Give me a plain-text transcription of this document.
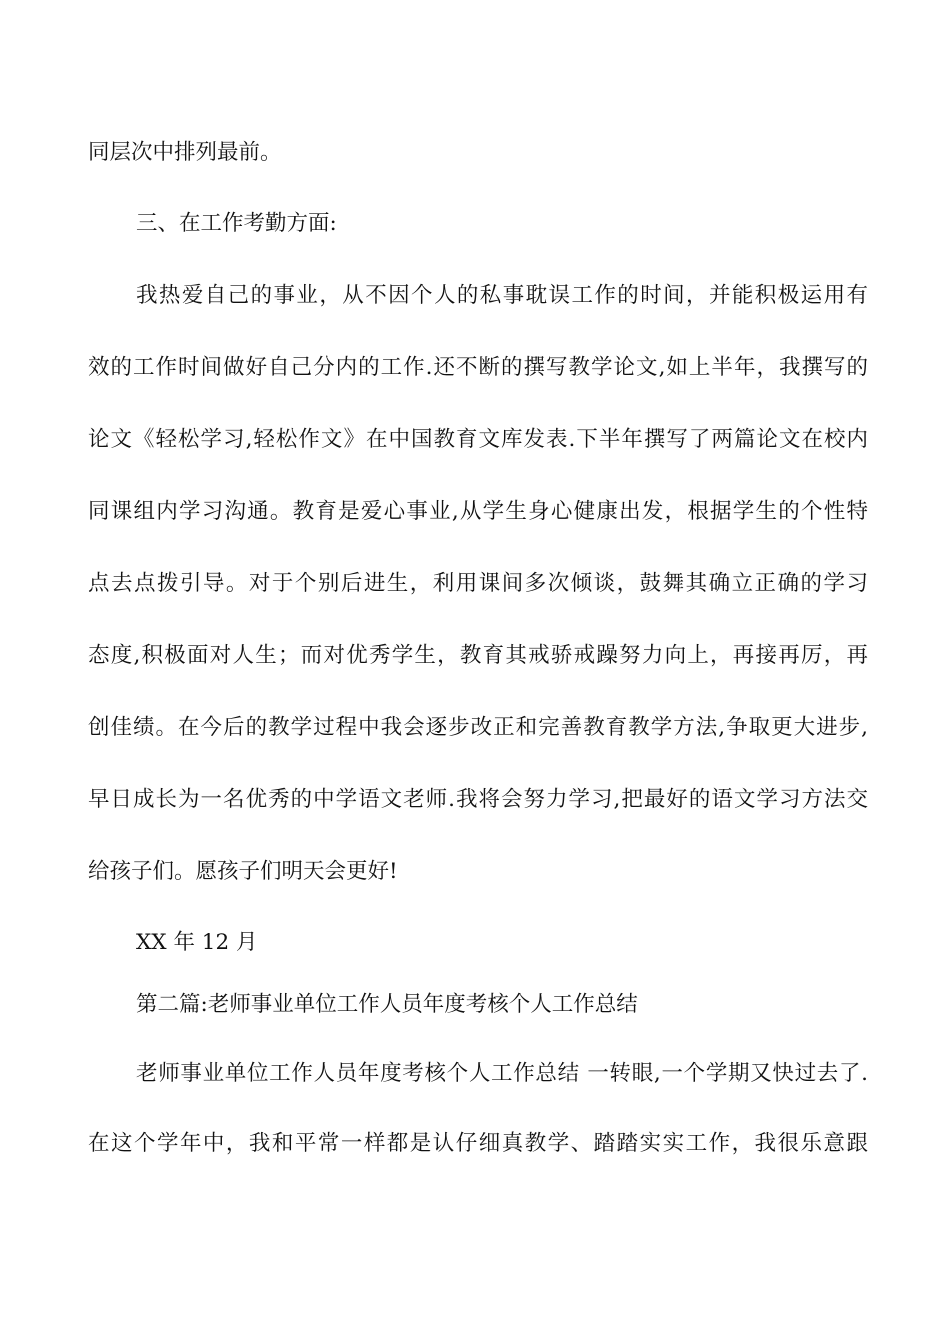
同层次中排列最前。
三、在工作考勤方面:
我热爱自己的事业，从不因个人的私事耽误工作的时间，并能积极运用有
效的工作时间做好自己分内的工作.还不断的撰写教学论文,如上半年，我撰写的
论文《轻松学习,轻松作文》在中国教育文库发表.下半年撰写了两篇论文在校内
同课组内学习沟通。教育是爱心事业,从学生身心健康出发，根据学生的个性特
点去点拨引导。对于个别后进生，利用课间多次倾谈，鼓舞其确立正确的学习
态度,积极面对人生；而对优秀学生，教育其戒骄戒躁努力向上，再接再厉，再
创佳绩。在今后的教学过程中我会逐步改正和完善教育教学方法,争取更大进步,
早日成长为一名优秀的中学语文老师.我将会努力学习,把最好的语文学习方法交
给孩子们。愿孩子们明天会更好!
XX 年 12 月
第二篇:老师事业单位工作人员年度考核个人工作总结
老师事业单位工作人员年度考核个人工作总结 一转眼,一个学期又快过去了.
在这个学年中，我和平常一样都是认仔细真教学、踏踏实实工作，我很乐意跟
